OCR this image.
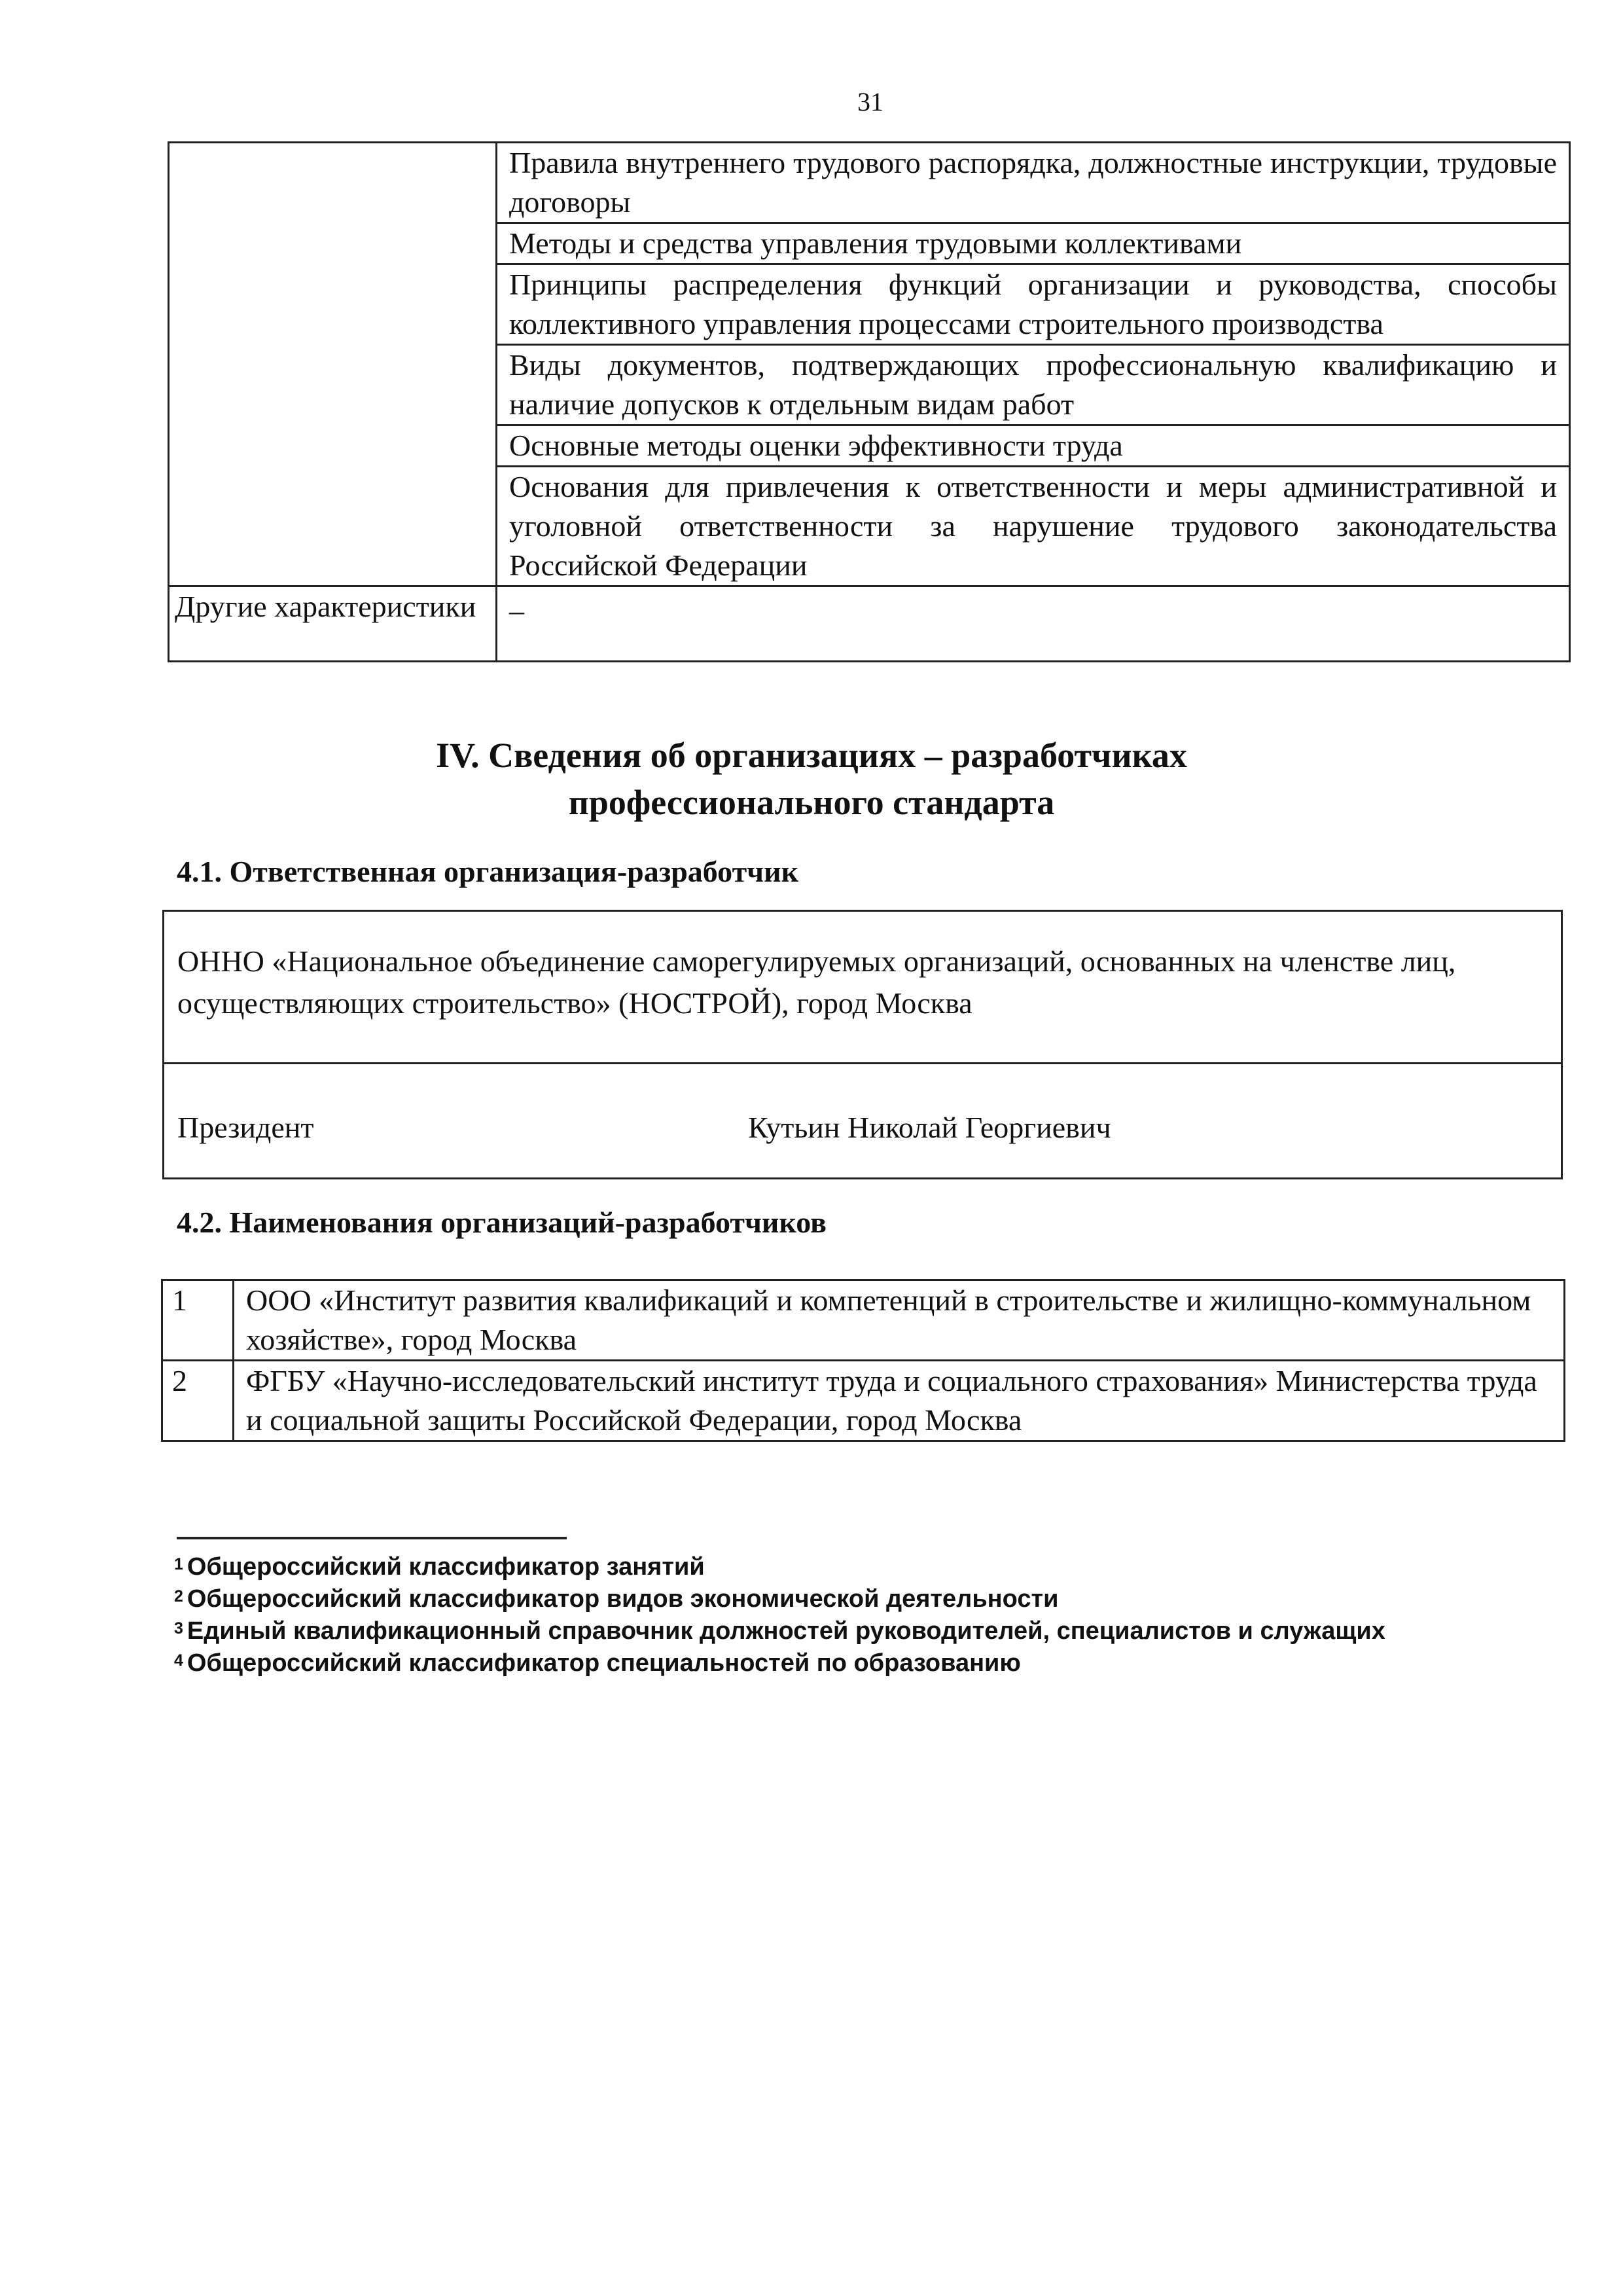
31
	Правила внутреннего трудового распорядка, должностные инструкции, трудовые договоры
	Методы и средства управления трудовыми коллективами
	Принципы распределения функций организации и руководства, способы коллективного управления процессами строительного производства
	Виды документов, подтверждающих профессиональную квалификацию и наличие допусков к отдельным видам работ
	Основные методы оценки эффективности труда
	Основания для привлечения к ответственности и меры административной и уголовной ответственности за нарушение трудового законодательства Российской Федерации
Другие характеристики	–
IV. Сведения об организациях – разработчиках
профессионального стандарта
4.1. Ответственная организация-разработчик
ОННО «Национальное объединение саморегулируемых организаций, основанных на членстве лиц, осуществляющих строительство» (НОСТРОЙ), город Москва
Президент	Кутьин Николай Георгиевич
4.2. Наименования организаций-разработчиков
1	ООО «Институт развития квалификаций и компетенций в строительстве и жилищно-коммунальном хозяйстве», город Москва
2	ФГБУ «Научно-исследовательский институт труда и социального страхования» Министерства труда и социальной защиты Российской Федерации, город Москва
$^1$ Общероссийский классификатор занятий
$^2$ Общероссийский классификатор видов экономической деятельности
$^3$ Единый квалификационный справочник должностей руководителей, специалистов и служащих
$^4$ Общероссийский классификатор специальностей по образованию
